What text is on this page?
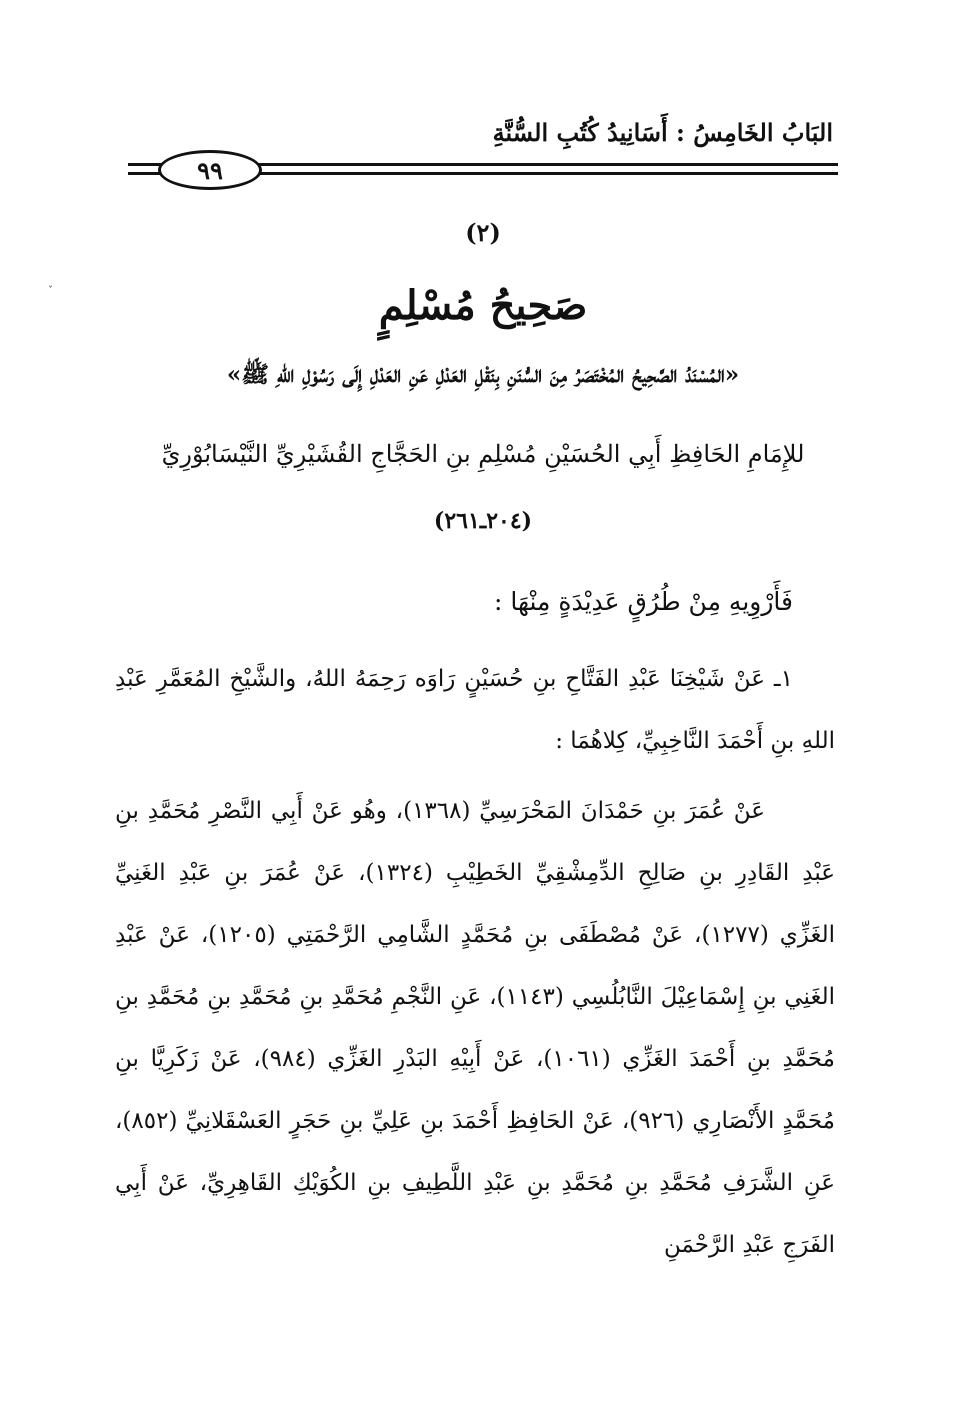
البَابُ الخَامِسُ : أَسَانِيدُ كُتُبِ السُّنَّةِ
٩٩
ˇ
(٢)
صَحِيحُ مُسْلِمٍ
«المُسْنَدُ الصَّحِيحُ المُخْتَصَرُ مِنَ السُّنَنِ بِنَقْلِ العَدْلِ عَنِ العَدْلِ إِلَى رَسُوْلِ اللهِ ﷺ»
للإِمَامِ الحَافِظِ أَبِي الحُسَيْنِ مُسْلِمِ بنِ الحَجَّاجِ القُشَيْرِيِّ النَّيْسَابُوْرِيِّ
(٢٠٤ـ٢٦١)
فَأَرْوِيهِ مِنْ طُرُقٍ عَدِيْدَةٍ مِنْهَا :
١ـ عَنْ شَيْخِنَا عَبْدِ الفَتَّاحِ بنِ حُسَيْنٍ رَاوَه رَحِمَهُ اللهُ، والشَّيْخِ المُعَمَّرِ عَبْدِ اللهِ بنِ أَحْمَدَ النَّاخِبِيِّ، كِلاهُمَا :
عَنْ عُمَرَ بنِ حَمْدَانَ المَحْرَسِيِّ (١٣٦٨)، وهُو عَنْ أَبِي النَّصْرِ مُحَمَّدِ بنِ عَبْدِ القَادِرِ بنِ صَالِحِ الدِّمِشْقِيِّ الخَطِيْبِ (١٣٢٤)، عَنْ عُمَرَ بنِ عَبْدِ الغَنِيِّ الغَزِّي (١٢٧٧)، عَنْ مُصْطَفَى بنِ مُحَمَّدٍ الشَّامِي الرَّحْمَتِي (١٢٠٥)، عَنْ عَبْدِ الغَنِي بنِ إِسْمَاعِيْلَ النَّابُلُسِي (١١٤٣)، عَنِ النَّجْمِ مُحَمَّدِ بنِ مُحَمَّدِ بنِ مُحَمَّدِ بنِ مُحَمَّدِ بنِ أَحْمَدَ الغَزِّي (١٠٦١)، عَنْ أَبِيْهِ البَدْرِ الغَزِّي (٩٨٤)، عَنْ زَكَرِيَّا بنِ مُحَمَّدٍ الأَنْصَارِي (٩٢٦)، عَنْ الحَافِظِ أَحْمَدَ بنِ عَلِيِّ بنِ حَجَرٍ العَسْقَلانِيِّ (٨٥٢)، عَنِ الشَّرَفِ مُحَمَّدِ بنِ مُحَمَّدِ بنِ عَبْدِ اللَّطِيفِ بنِ الكُوَيْكِ القَاهِرِيِّ، عَنْ أَبِي الفَرَجِ عَبْدِ الرَّحْمَنِ
